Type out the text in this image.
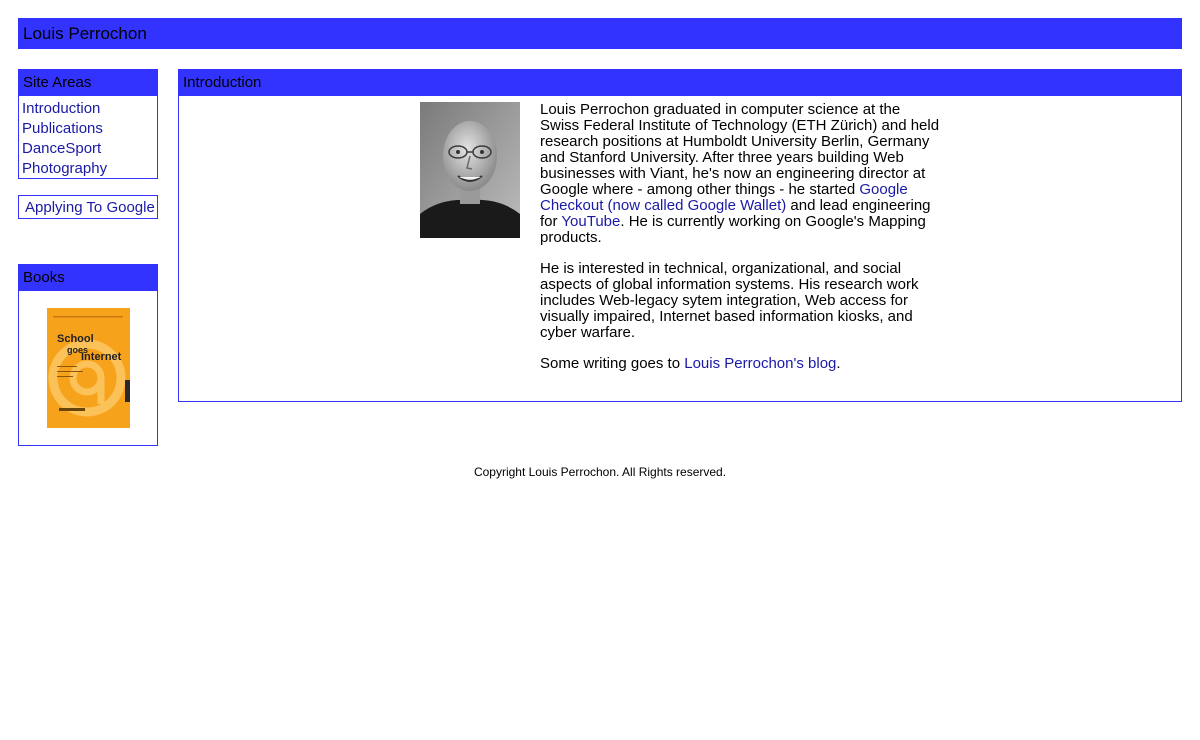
Louis Perrochon
Site Areas
Introduction
Publications
DanceSport
Photography
Applying To Google
Books
School
goes
Internet
Introduction

Louis Perrochon graduated in computer science at the Swiss Federal Institute of Technology (ETH Zürich) and held research positions at Humboldt University Berlin, Germany and Stanford University. After three years building Web businesses with Viant, he's now an engineering director at Google where - among other things - he started Google Checkout (now called Google Wallet) and lead engineering for YouTube. He is currently working on Google's Mapping products.

He is interested in technical, organizational, and social aspects of global information systems. His research work includes Web-legacy sytem integration, Web access for visually impaired, Internet based information kiosks, and cyber warfare.

Some writing goes to Louis Perrochon's blog.

Copyright Louis Perrochon. All Rights reserved.
